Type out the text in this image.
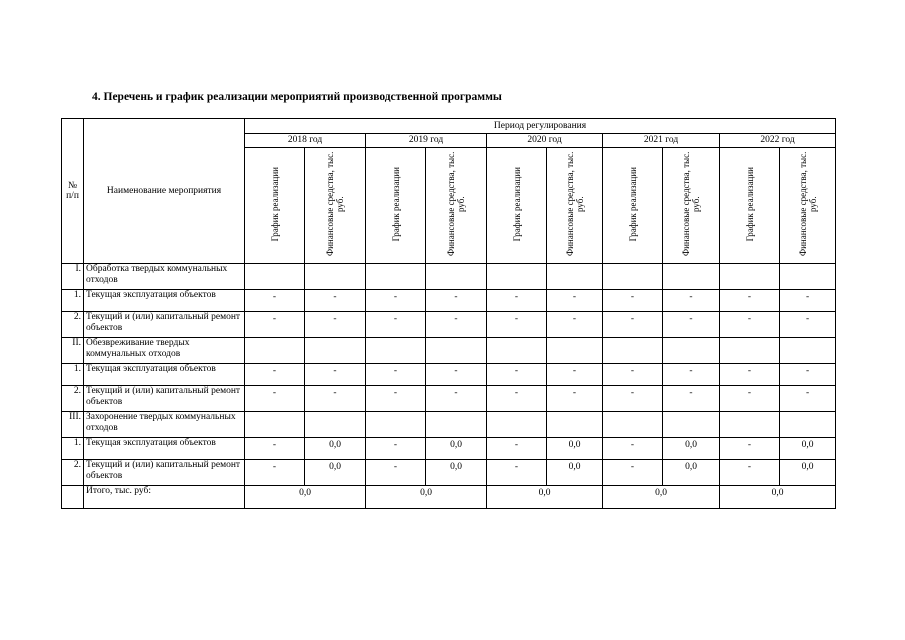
4. Перечень и график реализации мероприятий производственной программы
№ п/п	Наименование мероприятия	Период регулирования									
		2018 год		2019 год		2020 год		2021 год		2022 год	
		График реализации	Финансовые средства, тыс. руб.	График реализации	Финансовые средства, тыс. руб.	График реализации	Финансовые средства, тыс. руб.	График реализации	Финансовые средства, тыс. руб.	График реализации	Финансовые средства, тыс. руб.
I.	Обработка твердых коммунальных отходов										
1.	Текущая эксплуатация объектов	-	-	-	-	-	-	-	-	-	-
2.	Текущий и (или) капитальный ремонт объектов	-	-	-	-	-	-	-	-	-	-
II.	Обезвреживание твердых коммунальных отходов										
1.	Текущая эксплуатация объектов	-	-	-	-	-	-	-	-	-	-
2.	Текущий и (или) капитальный ремонт объектов	-	-	-	-	-	-	-	-	-	-
III.	Захоронение твердых коммунальных отходов										
1.	Текущая эксплуатация объектов	-	0,0	-	0,0	-	0,0	-	0,0	-	0,0
2.	Текущий и (или) капитальный ремонт объектов	-	0,0	-	0,0	-	0,0	-	0,0	-	0,0
	Итого, тыс. руб:	0,0		0,0		0,0		0,0		0,0	
